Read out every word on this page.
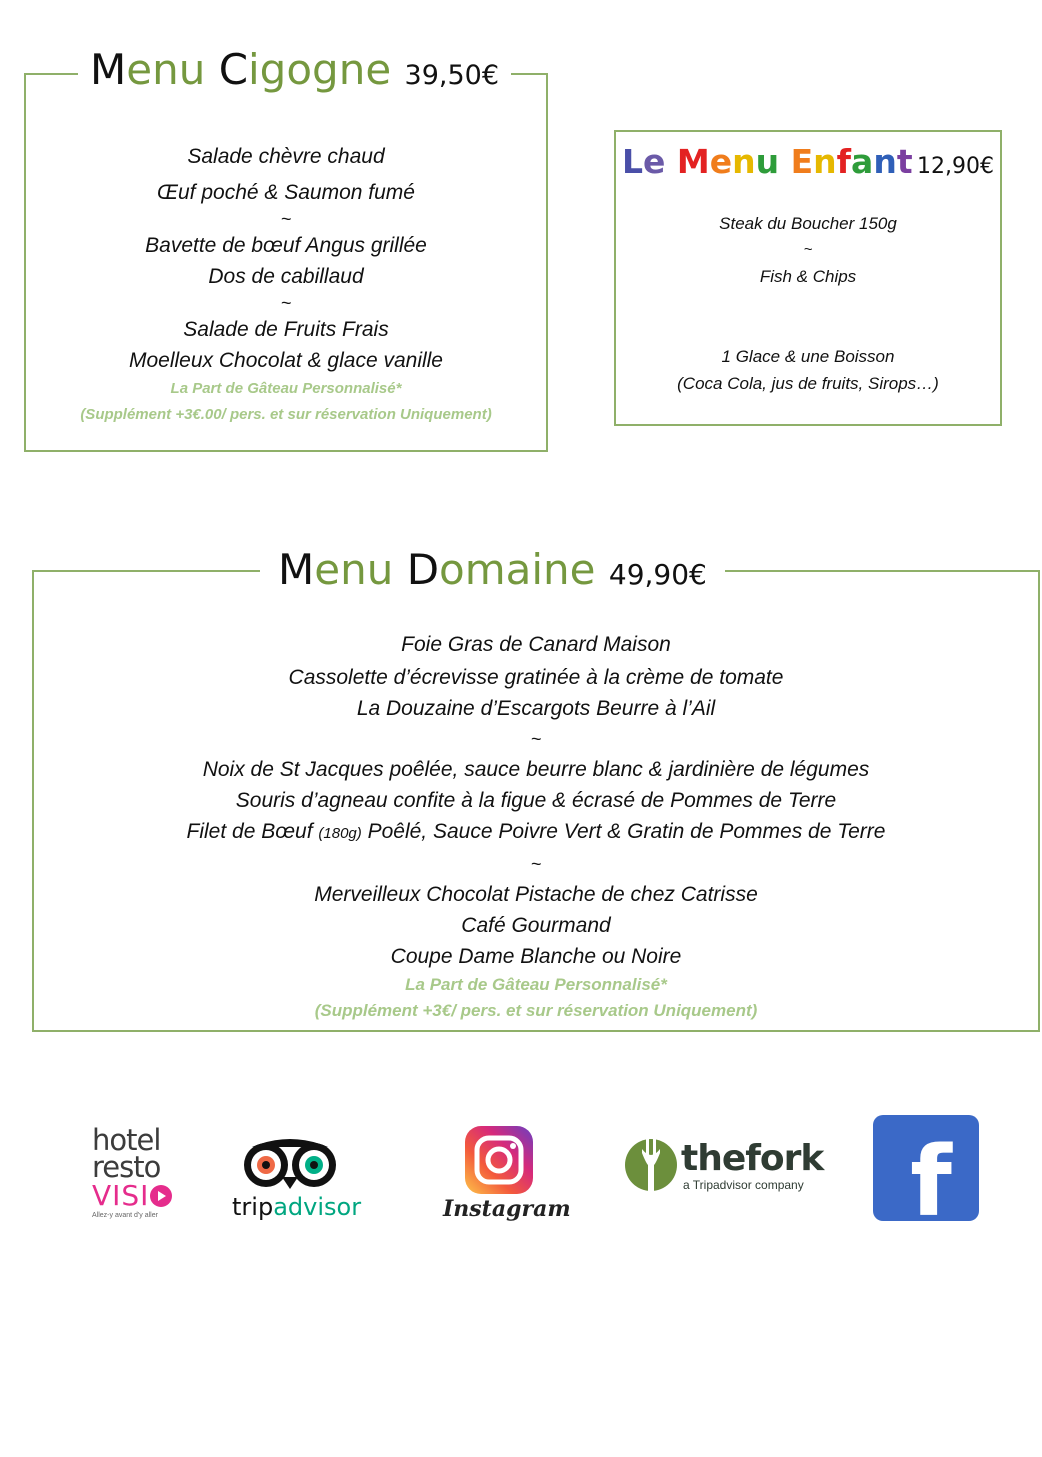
Menu Cigogne 39,50€
Salade chèvre chaud
Œuf poché & Saumon fumé
~
Bavette de bœuf Angus grillée
Dos de cabillaud
~
Salade de Fruits Frais
Moelleux Chocolat & glace vanille
La Part de Gâteau Personnalisé*
(Supplément +3€.00/ pers. et sur réservation Uniquement)
Le Menu Enfant 12,90€
Steak du Boucher 150g
~
Fish & Chips
1 Glace & une Boisson
(Coca Cola, jus de fruits, Sirops…)
Menu Domaine 49,90€
Foie Gras de Canard Maison
Cassolette d’écrevisse gratinée à la crème de tomate
La Douzaine d’Escargots Beurre à l’Ail
~
Noix de St Jacques poêlée, sauce beurre blanc & jardinière de légumes
Souris d’agneau confite à la figue & écrasé de Pommes de Terre
Filet de Bœuf (180g) Poêlé, Sauce Poivre Vert & Gratin de Pommes de Terre
~
Merveilleux Chocolat Pistache de chez Catrisse
Café Gourmand
Coupe Dame Blanche ou Noire
La Part de Gâteau Personnalisé*
(Supplément +3€/ pers. et sur réservation Uniquement)
hotel
resto
VISI
Allez-y avant d'y aller	tripadvisor	Instagram
thefork
a Tripadvisor company f
